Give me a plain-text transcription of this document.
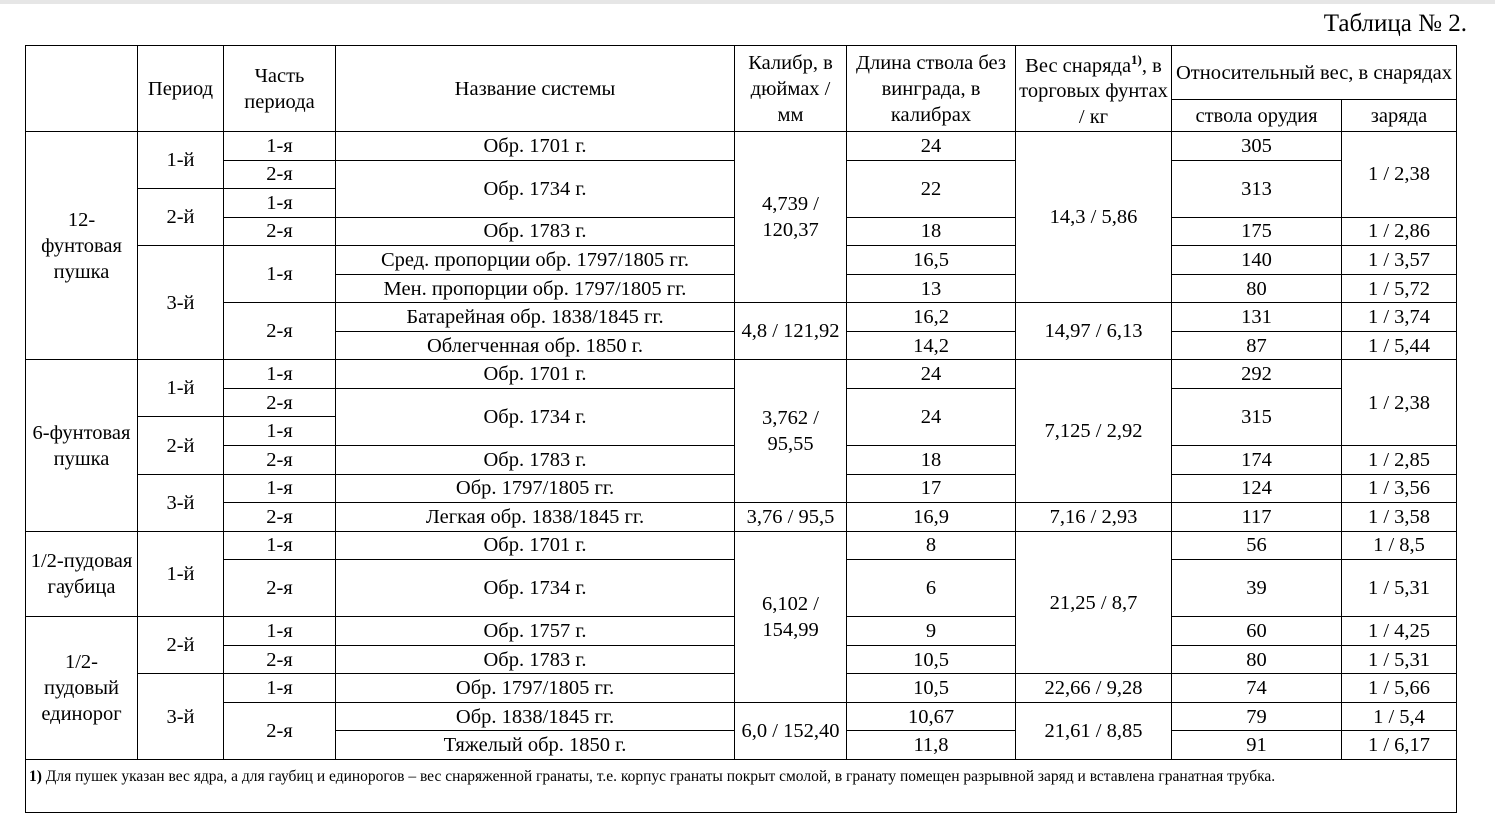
Таблица № 2.
	Период	Часть периода	Название системы	Калибр, в дюймах / мм	Длина ствола без винграда, в калибрах	Вес снаряда$^{1)}$, в торговых фунтах / кг	Относительный вес, в снарядах	
							ствола орудия	заряда
12-фунтовая пушка	1-й	1-я	Обр. 1701 г.	4,739 / 120,37	24	14,3 / 5,86	305	1 / 2,38
		2-я	Обр. 1734 г.		22		313	
	2-й	1-я						
		2-я	Обр. 1783 г.		18		175	1 / 2,86
	3-й	1-я	Сред. пропорции обр. 1797/1805 гг.		16,5		140	1 / 3,57
			Мен. пропорции обр. 1797/1805 гг.		13		80	1 / 5,72
		2-я	Батарейная обр. 1838/1845 гг.	4,8 / 121,92	16,2	14,97 / 6,13	131	1 / 3,74
			Облегченная обр. 1850 г.		14,2		87	1 / 5,44
6-фунтовая пушка	1-й	1-я	Обр. 1701 г.	3,762 / 95,55	24	7,125 / 2,92	292	1 / 2,38
		2-я	Обр. 1734 г.		24		315	
	2-й	1-я						
		2-я	Обр. 1783 г.		18		174	1 / 2,85
	3-й	1-я	Обр. 1797/1805 гг.		17		124	1 / 3,56
		2-я	Легкая обр. 1838/1845 гг.	3,76 / 95,5	16,9	7,16 / 2,93	117	1 / 3,58
1/2-пудовая гаубица	1-й	1-я	Обр. 1701 г.	6,102 / 154,99	8	21,25 / 8,7	56	1 / 8,5
		2-я	Обр. 1734 г.		6		39	1 / 5,31

1/2-пудовый единорог	2-й	1-я	Обр. 1757 г.		9		60	1 / 4,25
		2-я	Обр. 1783 г.		10,5		80	1 / 5,31
	3-й	1-я	Обр. 1797/1805 гг.		10,5	22,66 / 9,28	74	1 / 5,66
		2-я	Обр. 1838/1845 гг.	6,0 / 152,40	10,67	21,61 / 8,85	79	1 / 5,4
			Тяжелый обр. 1850 г.		11,8		91	1 / 6,17
1) Для пушек указан вес ядра, а для гаубиц и единорогов – вес снаряженной гранаты, т.е. корпус гранаты покрыт смолой, в гранату помещен разрывной заряд и вставлена гранатная трубка.								
